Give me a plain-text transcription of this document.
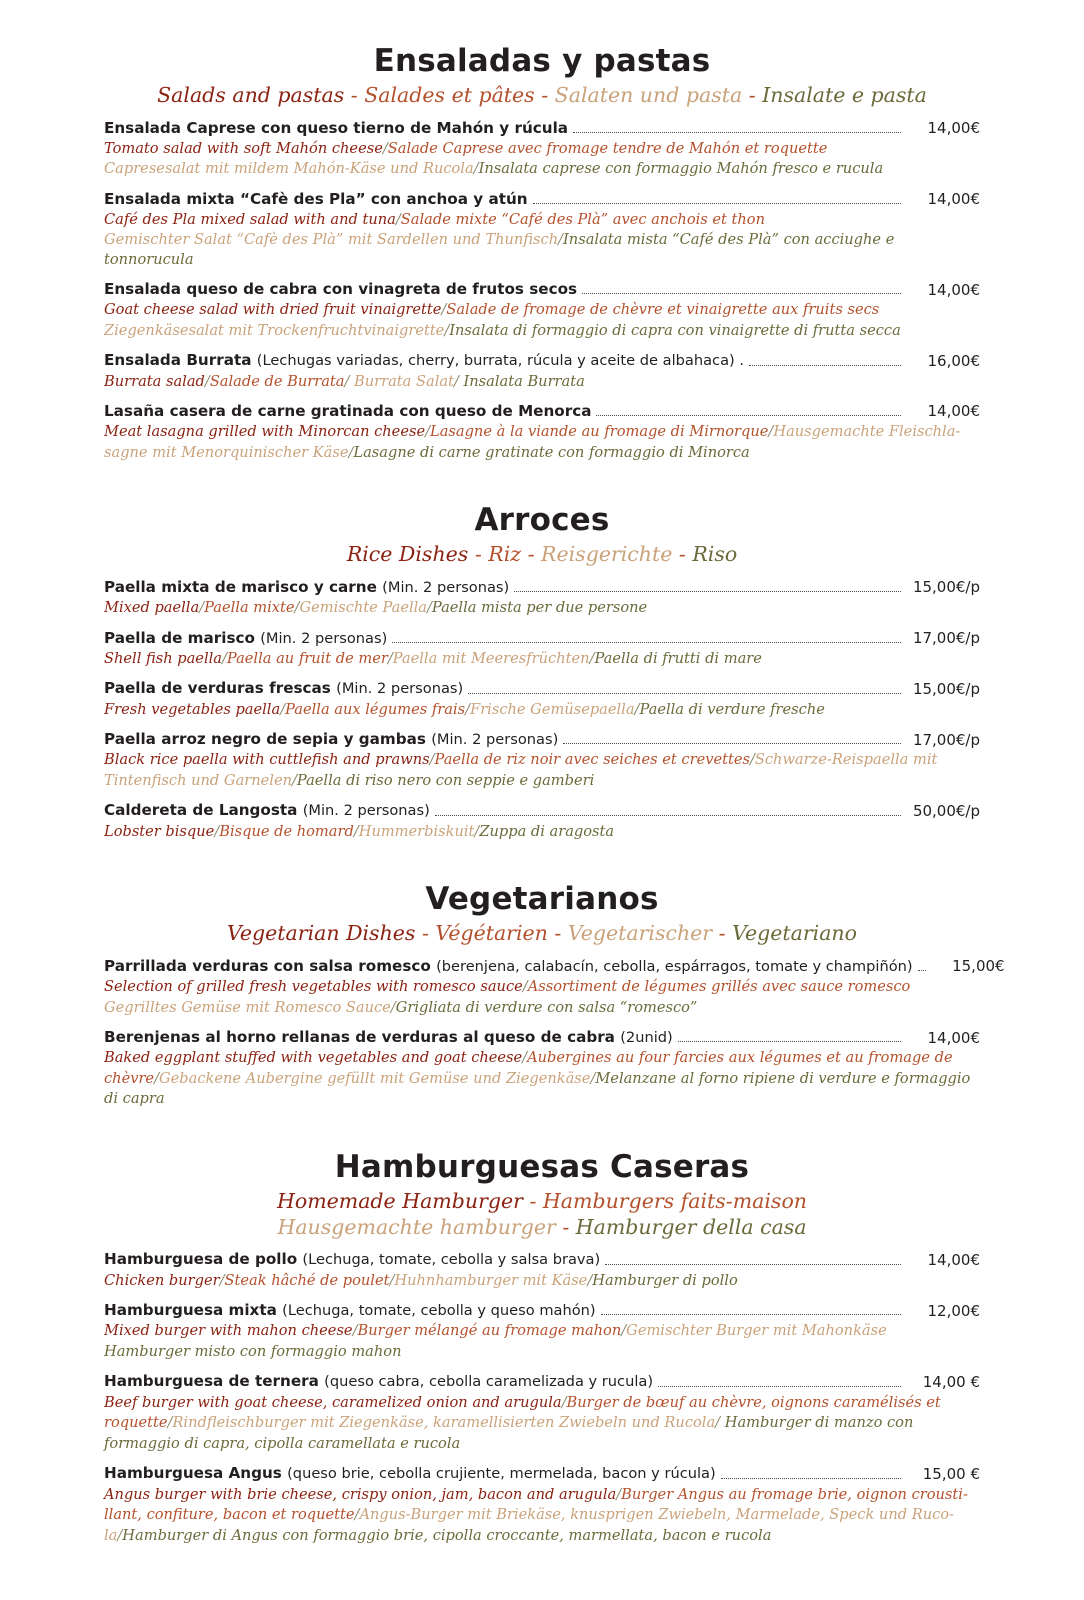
Ensaladas y pastas
Salads and pastas - Salades et pâtes - Salaten und pasta - Insalate e pasta
Ensalada Caprese con queso tierno de Mahón y rúcula	14,00€
Tomato salad with soft Mahón cheese/Salade Caprese avec fromage tendre de Mahón et roquette
Capresesalat mit mildem Mahón-Käse und Rucola/Insalata caprese con formaggio Mahón fresco e rucula
Ensalada mixta “Cafè des Pla” con anchoa y atún	14,00€
Café des Pla mixed salad with and tuna/Salade mixte “Café des Plà” avec anchois et thon
Gemischter Salat “Cafè des Plà” mit Sardellen und Thunfisch/Insalata mista “Café des Plà” con acciughe e tonnorucula
Ensalada queso de cabra con vinagreta de frutos secos	14,00€
Goat cheese salad with dried fruit vinaigrette/Salade de fromage de chèvre et vinaigrette aux fruits secs
Ziegenkäsesalat mit Trockenfruchtvinaigrette/Insalata di formaggio di capra con vinaigrette di frutta secca
Ensalada Burrata (Lechugas variadas, cherry, burrata, rúcula y aceite de albahaca) .	16,00€
Burrata salad/Salade de Burrata/ Burrata Salat/ Insalata Burrata
Lasaña casera de carne gratinada con queso de Menorca	14,00€
Meat lasagna grilled with Minorcan cheese/Lasagne à la viande au fromage di Mirnorque/Hausgemachte Fleischla-
sagne mit Menorquinischer Käse/Lasagne di carne gratinate con formaggio di Minorca
Arroces
Rice Dishes - Riz - Reisgerichte - Riso
Paella mixta de marisco y carne (Min. 2 personas)	15,00€/p
Mixed paella/Paella mixte/Gemischte Paella/Paella mista per due persone
Paella de marisco (Min. 2 personas)	17,00€/p
Shell fish paella/Paella au fruit de mer/Paella mit Meeresfrüchten/Paella di frutti di mare
Paella de verduras frescas (Min. 2 personas)	15,00€/p
Fresh vegetables paella/Paella aux légumes frais/Frische Gemüsepaella/Paella di verdure fresche
Paella arroz negro de sepia y gambas (Min. 2 personas)	17,00€/p
Black rice paella with cuttlefish and prawns/Paella de riz noir avec seiches et crevettes/Schwarze-Reispaella mit
Tintenfisch und Garnelen/Paella di riso nero con seppie e gamberi
Caldereta de Langosta (Min. 2 personas)	50,00€/p
Lobster bisque/Bisque de homard/Hummerbiskuit/Zuppa di aragosta
Vegetarianos
Vegetarian Dishes - Végétarien - Vegetarischer - Vegetariano
Parrillada verduras con salsa romesco (berenjena, calabacín, cebolla, espárragos, tomate y champiñón)	15,00€
Selection of grilled fresh vegetables with romesco sauce/Assortiment de légumes grillés avec sauce romesco
Gegrilltes Gemüse mit Romesco Sauce/Grigliata di verdure con salsa “romesco”
Berenjenas al horno rellanas de verduras al queso de cabra (2unid)	14,00€
Baked eggplant stuffed with vegetables and goat cheese/Aubergines au four farcies aux légumes et au fromage de
chèvre/Gebackene Aubergine gefüllt mit Gemüse und Ziegenkäse/Melanzane al forno ripiene di verdure e formaggio
di capra
Hamburguesas Caseras
Homemade Hamburger - Hamburgers faits-maison
Hausgemachte hamburger - Hamburger della casa
Hamburguesa de pollo (Lechuga, tomate, cebolla y salsa brava)	14,00€
Chicken burger/Steak hâché de poulet/Huhnhamburger mit Käse/Hamburger di pollo
Hamburguesa mixta (Lechuga, tomate, cebolla y queso mahón)	12,00€
Mixed burger with mahon cheese/Burger mélangé au fromage mahon/Gemischter Burger mit Mahonkäse
Hamburger misto con formaggio mahon
Hamburguesa de ternera (queso cabra, cebolla caramelizada y rucula)	14,00 €
Beef burger with goat cheese, caramelized onion and arugula/Burger de bœuf au chèvre, oignons caramélisés et
roquette/Rindfleischburger mit Ziegenkäse, karamellisierten Zwiebeln und Rucola/ Hamburger di manzo con
formaggio di capra, cipolla caramellata e rucola
Hamburguesa Angus (queso brie, cebolla crujiente, mermelada, bacon y rúcula)	15,00 €
Angus burger with brie cheese, crispy onion, jam, bacon and arugula/Burger Angus au fromage brie, oignon crousti-
llant, confiture, bacon et roquette/Angus-Burger mit Briekäse, knusprigen Zwiebeln, Marmelade, Speck und Ruco-
la/Hamburger di Angus con formaggio brie, cipolla croccante, marmellata, bacon e rucola
